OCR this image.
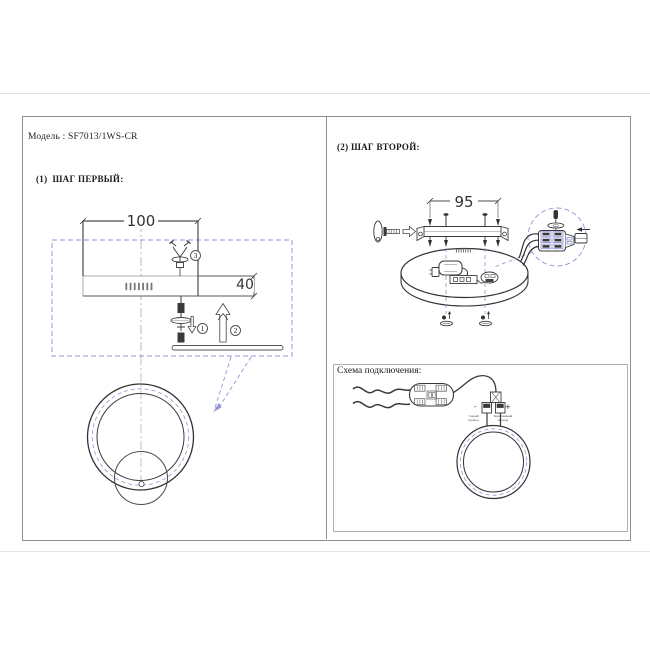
Модель : SF7013/1WS-CR
(1)  ШАГ ПЕРВЫЙ:
(2) ШАГ ВТОРОЙ:
Схема подключения:
100
40
95
3
1	2
-	+
Серый
провод
Коричневый
провод
